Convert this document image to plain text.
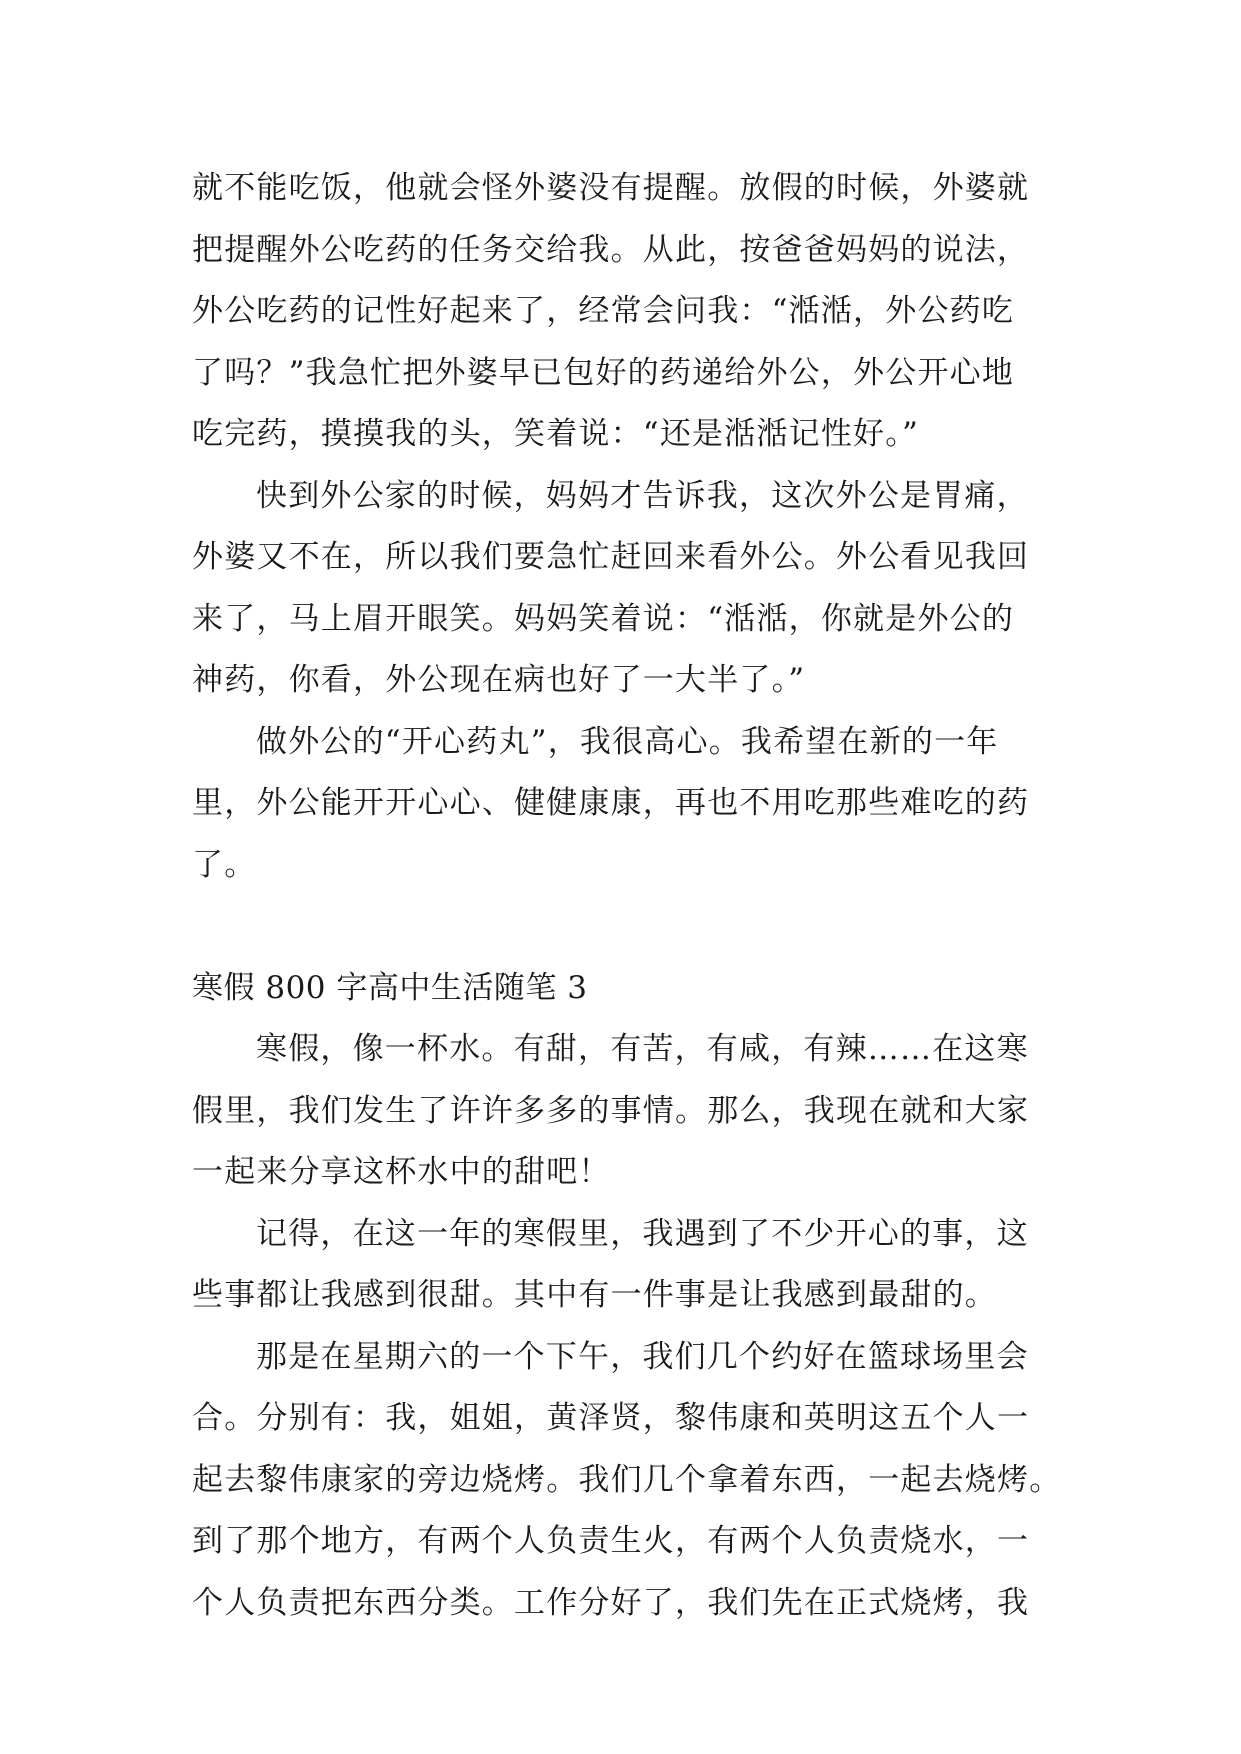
就不能吃饭，他就会怪外婆没有提醒。放假的时候，外婆就
把提醒外公吃药的任务交给我。从此，按爸爸妈妈的说法，
外公吃药的记性好起来了，经常会问我：“湉湉，外公药吃
了吗？”我急忙把外婆早已包好的药递给外公，外公开心地
吃完药，摸摸我的头，笑着说：“还是湉湉记性好。”
快到外公家的时候，妈妈才告诉我，这次外公是胃痛，
外婆又不在，所以我们要急忙赶回来看外公。外公看见我回
来了，马上眉开眼笑。妈妈笑着说：“湉湉，你就是外公的
神药，你看，外公现在病也好了一大半了。”
做外公的“开心药丸”，我很高心。我希望在新的一年
里，外公能开开心心、健健康康，再也不用吃那些难吃的药
了。
寒假 800 字高中生活随笔 3
寒假，像一杯水。有甜，有苦，有咸，有辣……在这寒
假里，我们发生了许许多多的事情。那么，我现在就和大家
一起来分享这杯水中的甜吧！
记得，在这一年的寒假里，我遇到了不少开心的事，这
些事都让我感到很甜。其中有一件事是让我感到最甜的。
那是在星期六的一个下午，我们几个约好在篮球场里会
合。分别有：我，姐姐，黄泽贤，黎伟康和英明这五个人一
起去黎伟康家的旁边烧烤。我们几个拿着东西，一起去烧烤。
到了那个地方，有两个人负责生火，有两个人负责烧水，一
个人负责把东西分类。工作分好了，我们先在正式烧烤，我
